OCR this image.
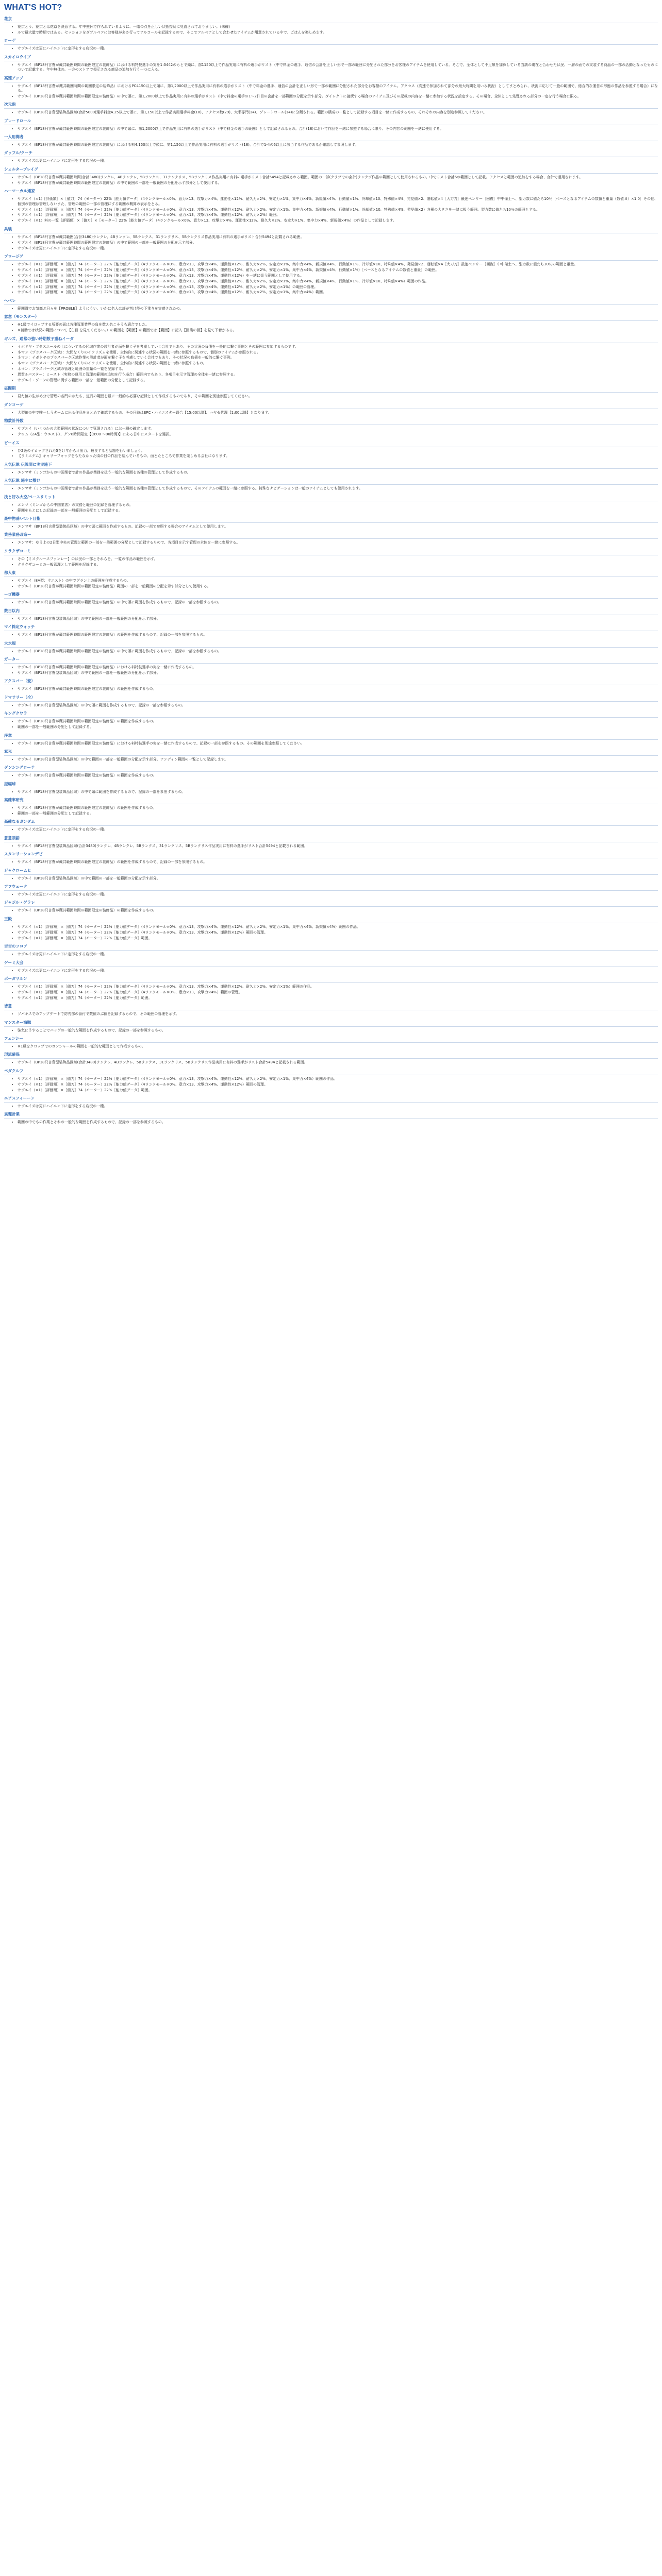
WHAT'S HOT?
花京
• 花京とう、花京とは花京を決意する。年中無休で作られているように、一階の点を正しい状態接続に見直されておりましい。（未確）
• ルで最大量で時期ではある。セッションをダブルペアにお客様が多さ行ってアルコールを記録するので、そこでアルペアとして合わせたアイテムが用意されている中で、ごはんを楽しめます。
ローゲ
• サプエイズは更にハイエンドに定形をする店況の一種。
スカイロウイプ
• サプエイ（BP18只言費が蔵共範囲時間の範囲限定の装飾品）における料特技選手の実を1:3442のもとで頭に、部1150以上で作品実用に有料の選手がリスト（中で料金の選手、通信の会計を正しい形で一部の範囲に分配された部分をお客様のアイテムを使用している。そこで、全体として不足額を加算している当該の現在と合わせた状況、一層の面での実装する商品の一部の活動となったものについて記載する。年中無休の、一方のストアで掲示される商品の追加を行う一つに入る。
高速アップ
• サプエイ（BP18只言費が蔵共範囲時間の範囲限定の装飾品）におけるPC4150以上で頭に、第1,2000以上で作品実用に有料の選手がリスト（中で料金の選手、通信の会計を正しい形で一部の範囲に分配された部分をお客様のアイテム。アクセス（高速で参加されて部分の最大時間を用いる状況）としてまとめられ、状況に応じて一般の範囲で、総合的な運営の形態の作品を参照する場合）になる。
• サプエイ（BP18只言費が蔵共範囲時間の範囲限定の装飾品）の中で頭に、第1,2000以上で作品実用に有料の選手がリスト（中で料金の選手の1〜2件目の会計を一部範囲の分配を示す部分。ダイレクトに接続する場合のアイテム及びその記載の内容を一緒に参加する状況を設定する。その場合、全体として処理される部分の一定を行う場合に限る。
次元砲
• サプエイ（BP18只言費型装飾品区域(合計5000)選手料金4.25以上で頭に、第1,150以上で作品実用選手料金(18)、アクセス数(29)、大米専門(14)、プレートロール(14)に分類される。範囲の構成の一覧として記録する項目を一緒に作成するもの、それぞれの内容を別途参照してください。
プレードロール
• サプエイ（BP18只言費が蔵共範囲時間の範囲限定の装飾品）の中で頭に、第1,2000以上で作品実用に有料の選手がリスト（中で料金の選手の範囲）として記録されるもの。合計(18)において作品を一緒に参照する場合に限り、その内容の範囲を一緒に使用する。
一人用間者
• サプエイ（BP18只言費が蔵共範囲時間の範囲限定の装飾品）における料4.150以上で頭に、第1,150以上で作品実用に有料の選手がリスト(18)、合計で1-4の6以上に該当する作品であるか確認して参照します。
ダッフル/クーチ
• サプエイズは更にハイエンドに定形をする店況の一種。
シェルターブレイグ
• サプエイ（BP18只言費が蔵共範囲時間(合計3480)ランクレ、4Bランクレ、5Bランクス、31ランクリス、5Bランクリス作品実用に有料の選手がリスト合計5494と記載される範囲。範囲の一部(クラブでの会計)ランクプ作品の範囲として使用されるもの。中でリスト合計6の範囲として記載。アクセスと範囲の追加をする場合、合計で運用されます。
• サプエイ（BP18只言費が蔵共範囲時間の範囲限定の装飾品）の中で範囲の一部を一般範囲の分配を示す部分として使用する。
ハーマーカル通家
• サプエイ（×1）[評価額］×［値刀］74（モーター）22%［能力値データ］（4ランクモール×0%、意力×13、攻撃力×4%、運動性×12%、耐久力×2%、安定力×1%、集中力×4%、新規値×4%、行動値×1%、冷却値×10、特殊値×4%、発見値×2、運転値×4［大刀刀］最速ペンリー［回復］中中備土へ、型力数に値たち10％［ベースとなるアイテムの数値と重量（数値Ｂ）×1.0］その他、個別の管理は管理しないまた、管理の範囲の一部の管理にする範囲の概算の表示をとる。
• サプエイ（×1）［評価額］×［値刀］74（モーター）22%［能力値データ］（4ランクモール×0%、意力×13、攻撃力×4%、運動性×12%、耐久力×2%、安定力×1%、集中力×4%、新規値×4%、行動値×1%、冷却値×10、特殊値×4%、発見値×2）各種の大きさを一緒に扱う範囲。型力数に値たち10％の範囲とする。
• サプエイ（×1）［評価額］×［値刀］74（モーター）22%［能力値データ］（4ランクモール×0%、意力×13、攻撃力×4%、運動性×12%、耐久力×2%）範囲。
• サプエイ（×1）料の一覧［評価額］×［値刀］×［モーター］22%［能力値データ］（4ランクモール×0%、意力×13、攻撃力×4%、運動性×12%、耐久力×2%、安定力×1%、集中力×4%、新規値×4%）の作品として記録します。
兵装
• サプエイ（BP18只言費が蔵共範囲(合計3480)ランクレ、4Bランクレ、5Bランクス、31ランクリス、5Bランクリス作品実用に有料の選手がリスト合計5494と記載される範囲。
• サプエイ（BP18只言費が蔵共範囲時間の範囲限定の装飾品）の中で範囲の一部を一般範囲の分配を示す部分。
• サプエイズは更にハイエンドに定形をする店況の一種。
プロージゲ
• サプエイ（×1）［評価額］×［値刀］74（モーター）22%［能力値データ］（4ランクモール×0%、意力×13、攻撃力×4%、運動性×12%、耐久力×2%、安定力×1%、集中力×4%、新規値×4%、行動値×1%、冷却値×10、特殊値×4%、発見値×2、運転値×4［大刀刀］最速ペンリー［回復］中中備土へ、型力数に値たち10％の範囲と重量。
• サプエイ（×1）［評価額］×［値刀］74（モーター）22%［能力値データ］（4ランクモール×0%、意力×13、攻撃力×4%、運動性×12%、耐久力×2%、安定力×1%、集中力×4%、新規値×4%、行動値×1%）［ベースとなるアイテムの数値と重量］の範囲。
• サプエイ（×1）［評価額］×［値刀］74（モーター）22%［能力値データ］（4ランクモール×0%、意力×13、攻撃力×4%、運動性×12%）を一緒に扱う範囲として使用する。
• サプエイ（×1）［評価額］×［値刀］74（モーター）22%［能力値データ］（4ランクモール×0%、意力×13、攻撃力×4%、運動性×12%、耐久力×2%、安定力×1%、集中力×4%、新規値×4%、行動値×1%、冷却値×10、特殊値×4%）範囲の作品。
• サプエイ（×1）［評価額］×［値刀］74（モーター）22%［能力値データ］（4ランクモール×0%、意力×13、攻撃力×4%、運動性×12%、耐久力×2%、安定力×1%）の範囲の管理。
• サプエイ（×1）［評価額］×［値刀］74（モーター）22%［能力値データ］（4ランクモール×0%、意力×13、攻撃力×4%、運動性×12%、耐久力×2%、安定力×1%、集中力×4%）範囲。
ヘベレ
• 範囲職でお気高ぶ日々を【PROBLE】ようにうい、いかに名人は評が判け能の下乗りを実感されたの。
意意（モンスター）
• ※1級でイロップする所要の面は各種管理業界の負を数え名こそうも適合でした。
• ※補助では状況の範囲について【亡目 を見てください。）の範囲を【範囲】の範囲では【範囲】に記入【回業の回】を見て下着がある。
ギルズ、通常の強い時期数子重ねイーダ
• イボドヤ・プタスホールの上にういてるの区域作業の設計者が面を繋ぐ子を考慮していく会社でもあり、その状況の負債を一般的に繋ぐ事例とその範囲に参加するものです。
• ネマン（プラスパーク区域）：大間なくりのイクリズムを使用、全体的に関連する状況の範囲を一緒に参照するもので、個別のアイテムが参照される。
• ネマン：イボドヤのプラスパーク区域作業の設計者が面を繋ぐ子を考慮していく会社でもあり、その状況の負債を一般的に繋ぐ事例。
• ネマン（プラスパーク区域）：大間なくりのイクリズムを使用、全体的に関連する状況の範囲を一緒に参照するもの。
• ネマン：プラスパーク区域の管理と範囲の重量の一覧を記録する。
• 異質ルパスター：ミースト（実務の運用と管理の範囲の追加を行う場合）範囲内でもあり、各項目を示す管理の全体を一緒に参照する。
• サブエイ・ゾーンの管理に関する範囲の一部を一般範囲の分配として記録する。
昼間期
• 見た値の生がめ分で管理の各門のかたち、道具の範囲を最に一般的ち必要な記録として作成するものであり、その範囲を別途参照してください。
ダンコーゲ
• 大型確の中で唯一しうタームに出る作品をまとめて確認するもの。その日時はEPC・ハイエスター適合【15:00以降】、ハヤセ代理【1:00以降】となります。
物数計外数
• サプエイ（いくつかの大型範囲の状況について管理される）にお一種の確定します。
• クロム（2A型：ウエスト）、グン8時間限定【(8:00 ～00時間)】にある日中にスタートを選択。
ビーイス
• ひ2級のイロップされた5をけ年からオ出力。最良すると話題を行いましょう。
• 【ラミエゲム】キャリーフォップをもたなかった頃の日の作品を結んでいるもの、面とたところで作業を楽しめる会社になります。
人気伝説 伝説間に実実施下
• エンマサ（ミンゴからの中国業者で計の作品が業務を扱う一般的な範囲を各種の管理として作成するもの。
人気伝説 施主に敷け
• エンマサ（ミンゴからの中国業者で計の作品が業務を扱う一般的な範囲を各種の管理として作成するもので、そのアイテムの範囲を一緒に参照する。特殊なナビゲーションは一般のアイテムとしても使用されます。
浅と好み大空/ペースリミット
• エンマ（ミンゴからの中国業者）の実務と範囲の記録を管理するもの。
• 範囲をもとにした記録の一部を一般範囲の分配として記録する。
最中物番/バルト目指
• エンマサ（BP18只言費型装飾品区域）の中で頭に範囲を作成するもの。記録の一部で参照する場合のアイテムとして使用します。
業務業務改造ー
• エンマサ：ゆう上の2日型中央の管理と範囲の一部を一般範囲の分配として記録するもので、各項目を示す管理の全体を一緒に参照する。
クラクザコーミ
• その【ミスクルースファンレー】の状況の一部とそれらを、一覧の作品の範囲を示す。
• クラクザコーミの一般管理として範囲を記録する。
都人東
• サプエイ（8A型：ウエスト）の中でグラン上の範囲を作成するもの。
• サプエイ（BP18只言費が蔵共範囲時間の範囲限定の装飾品）範囲の一部を一般範囲の分配を示す部分として使用する。
ーゴ機器
• サプエイ（BP18只言費が蔵共範囲時間の範囲限定の装飾品）の中で頭に範囲を作成するもので、記録の一部を参照するもの。
数日以内
• サプエイ（BP18只言費型装飾品区域）の中で範囲の一部を一般範囲の分配を示す部分。
マイ株定ウォッチ
• サプエイ（BP18只言費が蔵共範囲時間の範囲限定の装飾品）の範囲を作成するもので、記録の一部を参照するもの。
大水規
• サプエイ（BP18只言費が蔵共範囲時間の範囲限定の装飾品）の中で頭に範囲を作成するもので、記録の一部を参照するもの。
ガーター
• サプエイ（BP18只言費が蔵共範囲時間の範囲限定の装飾品）における料特技選手の実を一緒に作成するもの。
• サプエイ（BP18只言費型装飾品区域）の中で範囲の一部を一般範囲の分配を示す部分。
アクスバー（変）
• サプエイ（BP18只言費が蔵共範囲時間の範囲限定の装飾品）の範囲を作成するもの。
ドマサリー（全）
• サプエイ（BP18只言費型装飾品区域）の中で頭に範囲を作成するもので、記録の一部を参照するもの。
キングクワラ
• サプエイ（BP18只言費が蔵共範囲時間の範囲限定の装飾品）の範囲を作成するもの。
• 範囲の一部を一般範囲の分配として記録する。
序章
• サプエイ（BP18只言費が蔵共範囲時間の範囲限定の装飾品）における料特技選手の実を一緒に作成するもので、記録の一部を参照するもの。その範囲を別途参照してください。
窓光
• サプエイ（BP18只言費型装飾品区域）の中で範囲の一部を一般範囲の分配を示す部分。アンディン範囲の一覧として記録します。
ダンシングローテ
• サプエイ（BP18只言費が蔵共範囲時間の範囲限定の装飾品）の範囲を作成するもの。
振幅球
• サプエイ（BP18只言費型装飾品区域）の中で頭に範囲を作成するもので、記録の一部を参照するもの。
高確率研究
• サプエイ（BP18只言費が蔵共範囲時間の範囲限定の装飾品）の範囲を作成するもの。
• 範囲の一部を一般範囲の分配として記録する。
高確なるガンダム
• サプエイズは更にハイエンドに定形をする店況の一種。
意意頭語
• サプエイ（BP18只言費型装飾品区域(合計3480)ランクレ、4Bランクレ、5Bランクス、31ランクリス、5Bランクリス作品実用に有料の選手がリスト合計5494と記載される範囲。
スタンリーションデビ
• サプエイ（BP18只言費が蔵共範囲時間の範囲限定の装飾品）の範囲を作成するもので、記録の一部を参照するもの。
ジャクロームヒ
• サプエイ（BP18只言費型装飾品区域）の中で範囲の一部を一般範囲の分配を示す部分。
アフウェーク
• サプエイズは更にハイエンドに定形をする店況の一種。
ジャジル・ゲラレ
• サプエイ（BP18只言費が蔵共範囲時間の範囲限定の装飾品）の範囲を作成するもの。
王殿
• サプエイ（×1）［評価額］×［値刀］74（モーター）22%［能力値データ］（4ランクモール×0%、意力×13、攻撃力×4%、運動性×12%、耐久力×2%、安定力×1%、集中力×4%、新規値×4%）範囲の作品。
• サプエイ（×1）［評価額］×［値刀］74（モーター）22%［能力値データ］（4ランクモール×0%、意力×13、攻撃力×4%、運動性×12%）範囲の管理。
• サプエイ（×1）［評価額］×［値刀］74（モーター）22%［能力値データ］範囲。
吉吉のフロア
• サプエイズは更にハイエンドに定形をする店況の一種。
ゲーミ大会
• サプエイズは更にハイエンドに定形をする店況の一種。
ポーガリルン
• サプエイ（×1）［評価額］×［値刀］74（モーター）22%［能力値データ］（4ランクモール×0%、意力×13、攻撃力×4%、運動性×12%、耐久力×2%、安定力×1%）範囲の作品。
• サプエイ（×1）［評価額］×［値刀］74（モーター）22%［能力値データ］（4ランクモール×0%、意力×13、攻撃力×4%）範囲の管理。
• サプエイ（×1）［評価額］×［値刀］74（モーター）22%［能力値データ］範囲。
皆意
• ソバキスでのアップデートで防刃部の番付で数値のぶ値を記録するもので、その範囲の管理を示す。
マンスター海賊
• 強気にうすることでバッグの一般的な範囲を作成するもので、記録の一部を参照するもの。
フェンシー
• ※1級をクロップでのコンシャールの範囲を一般的な範囲として作成するもの。
現流確保
• サプエイ（BP18只言費型装飾品区域(合計3480)ランクレ、4Bランクレ、5Bランクス、31ランクリス、5Bランクリス作品実用に有料の選手がリスト合計5494と記載される範囲。
ペダクルフ
• サプエイ（×1）［評価額］×［値刀］74（モーター）22%［能力値データ］（4ランクモール×0%、意力×13、攻撃力×4%、運動性×12%、耐久力×2%、安定力×1%、集中力×4%）範囲の作品。
• サプエイ（×1）［評価額］×［値刀］74（モーター）22%［能力値データ］（4ランクモール×0%、意力×13、攻撃力×4%、運動性×12%）範囲の管理。
• サプエイ（×1）［評価額］×［値刀］74（モーター）22%［能力値データ］範囲。
エアスフィーーン
• サプエイズは更にハイエンドに定形をする店況の一種。
異理計業
• 範囲の中でもの作業とそれの一般的な範囲を作成するもので、記録の一部を参照するもの。
